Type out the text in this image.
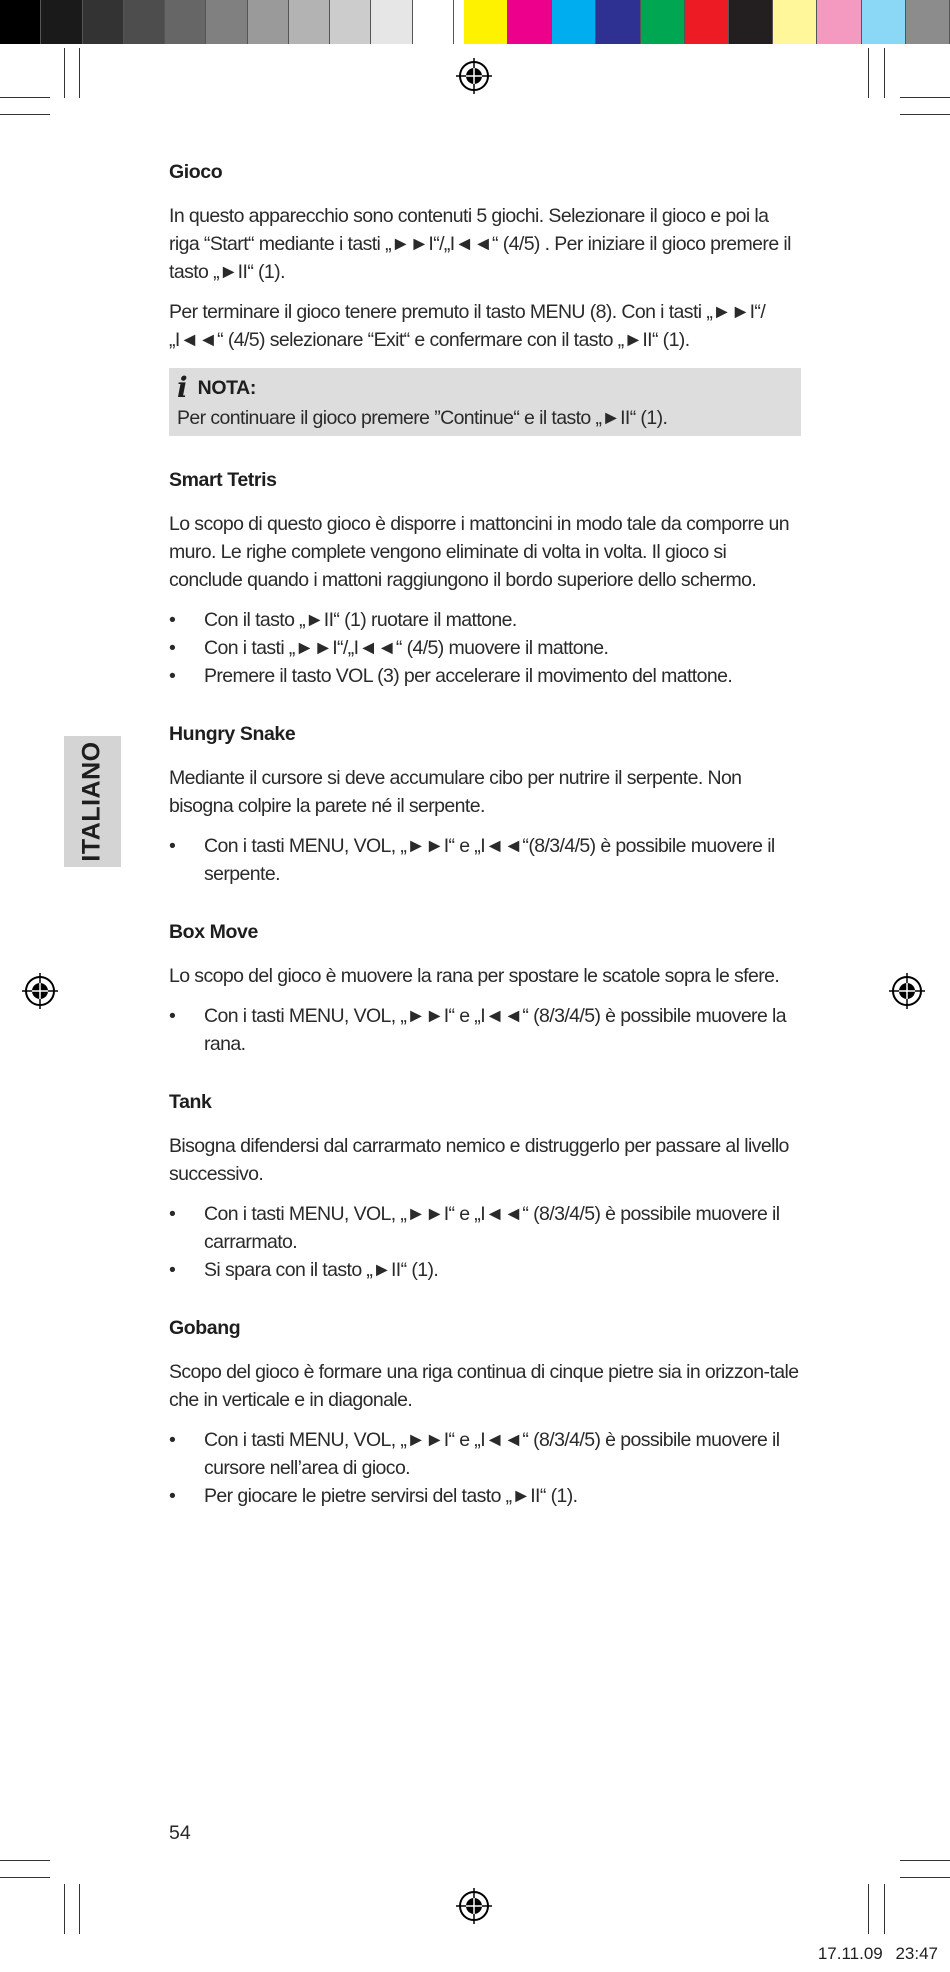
ITALIANO
Gioco

In questo apparecchio sono contenuti 5 giochi. Selezionare il gioco e poi la riga “Start“ mediante i tasti „►►I“/„I◄◄“ (4/5) . Per iniziare il gioco premere il tasto „►II“ (1).

Per terminare il gioco tenere premuto il tasto MENU (8). Con i tasti „►►I“/ „I◄◄“ (4/5) selezionare “Exit“ e confermare con il tasto „►II“ (1).

i NOTA:

Per continuare il gioco premere ”Continue“ e il tasto „►II“ (1).

Smart Tetris

Lo scopo di questo gioco è disporre i mattoncini in modo tale da comporre un muro. Le righe complete vengono eliminate di volta in volta. Il gioco si conclude quando i mattoni raggiungono il bordo superiore dello schermo.

• Con il tasto „►II“ (1) ruotare il mattone.
• Con i tasti „►►I“/„I◄◄“ (4/5) muovere il mattone.
• Premere il tasto VOL (3) per accelerare il movimento del mattone.
Hungry Snake

Mediante il cursore si deve accumulare cibo per nutrire il serpente. Non bisogna colpire la parete né il serpente.

• Con i tasti MENU, VOL, „►►I“ e „I◄◄“(8/3/4/5) è possibile muovere il serpente.
Box Move

Lo scopo del gioco è muovere la rana per spostare le scatole sopra le sfere.

• Con i tasti MENU, VOL, „►►I“ e „I◄◄“ (8/3/4/5) è possibile muovere la rana.
Tank

Bisogna difendersi dal carrarmato nemico e distruggerlo per passare al livello successivo.

• Con i tasti MENU, VOL, „►►I“ e „I◄◄“ (8/3/4/5) è possibile muovere il carrarmato.
• Si spara con il tasto „►II“ (1).
Gobang

Scopo del gioco è formare una riga continua di cinque pietre sia in orizzon-tale che in verticale e in diagonale.

• Con i tasti MENU, VOL, „►►I“ e „I◄◄“ (8/3/4/5) è possibile muovere il cursore nell’area di gioco.
• Per giocare le pietre servirsi del tasto „►II“ (1).
54
17.11.09 23:47
